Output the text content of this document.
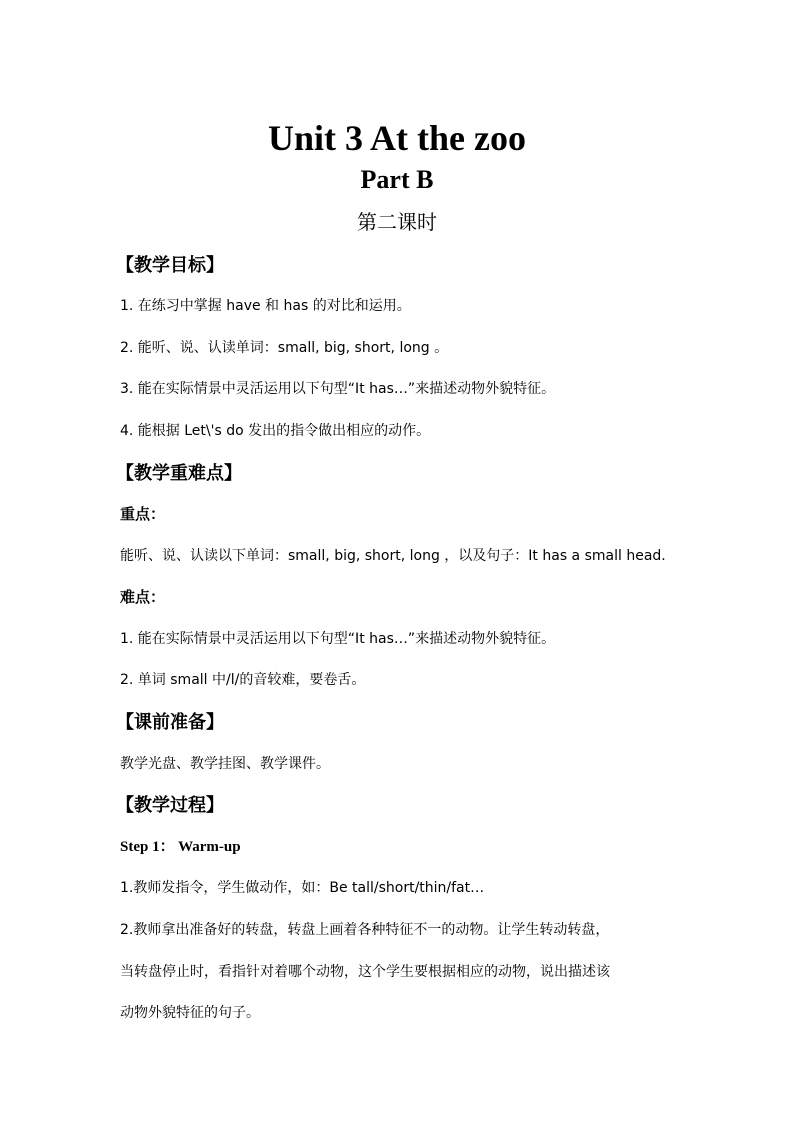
Unit 3 At the zoo
Part B
第二课时
【教学目标】
1. 在练习中掌握 have 和 has 的对比和运用。
2. 能听、说、认读单词：small, big, short, long 。
3. 能在实际情景中灵活运用以下句型“It has…”来描述动物外貌特征。
4. 能根据 Let\'s do 发出的指令做出相应的动作。
【教学重难点】
重点：
能听、说、认读以下单词：small, big, short, long ，以及句子：It has a small head.
难点：
1. 能在实际情景中灵活运用以下句型“It has…”来描述动物外貌特征。
2. 单词 small 中/l/的音较难，要卷舌。
【课前准备】
教学光盘、教学挂图、教学课件。
【教学过程】
Step 1： Warm-up
1.教师发指令，学生做动作，如：Be tall/short/thin/fat…
2.教师拿出准备好的转盘，转盘上画着各种特征不一的动物。让学生转动转盘，
当转盘停止时，看指针对着哪个动物，这个学生要根据相应的动物，说出描述该
动物外貌特征的句子。
